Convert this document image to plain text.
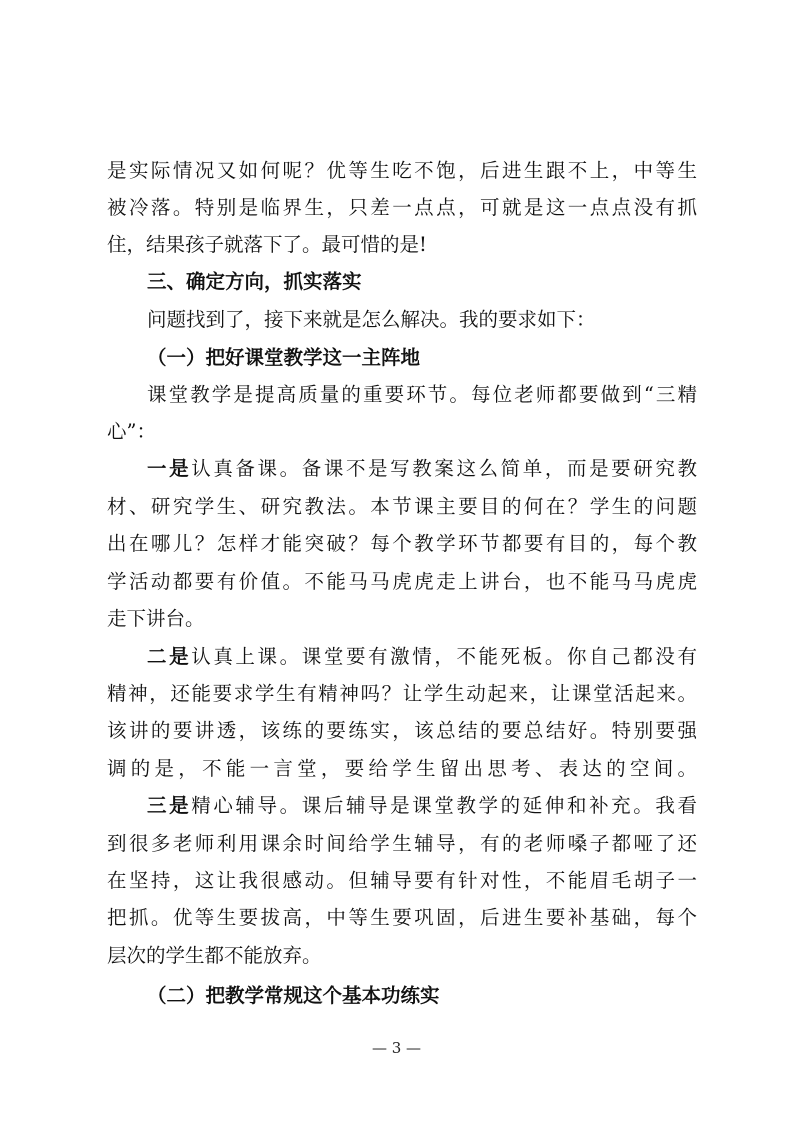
是实际情况又如何呢？优等生吃不饱，后进生跟不上，中等生
被冷落。特别是临界生，只差一点点，可就是这一点点没有抓
住，结果孩子就落下了。最可惜的是!
三、确定方向，抓实落实
问题找到了，接下来就是怎么解决。我的要求如下：
（一）把好课堂教学这一主阵地
课堂教学是提高质量的重要环节。每位老师都要做到“三精
心”：
一是认真备课。备课不是写教案这么简单，而是要研究教
材、研究学生、研究教法。本节课主要目的何在？学生的问题
出在哪儿？怎样才能突破？每个教学环节都要有目的，每个教
学活动都要有价值。不能马马虎虎走上讲台，也不能马马虎虎
走下讲台。
二是认真上课。课堂要有激情，不能死板。你自己都没有
精神，还能要求学生有精神吗？让学生动起来，让课堂活起来。
该讲的要讲透，该练的要练实，该总结的要总结好。特别要强
调的是，不能一言堂，要给学生留出思考、表达的空间。
三是精心辅导。课后辅导是课堂教学的延伸和补充。我看
到很多老师利用课余时间给学生辅导，有的老师嗓子都哑了还
在坚持，这让我很感动。但辅导要有针对性，不能眉毛胡子一
把抓。优等生要拔高，中等生要巩固，后进生要补基础，每个
层次的学生都不能放弃。
（二）把教学常规这个基本功练实
— 3 —
